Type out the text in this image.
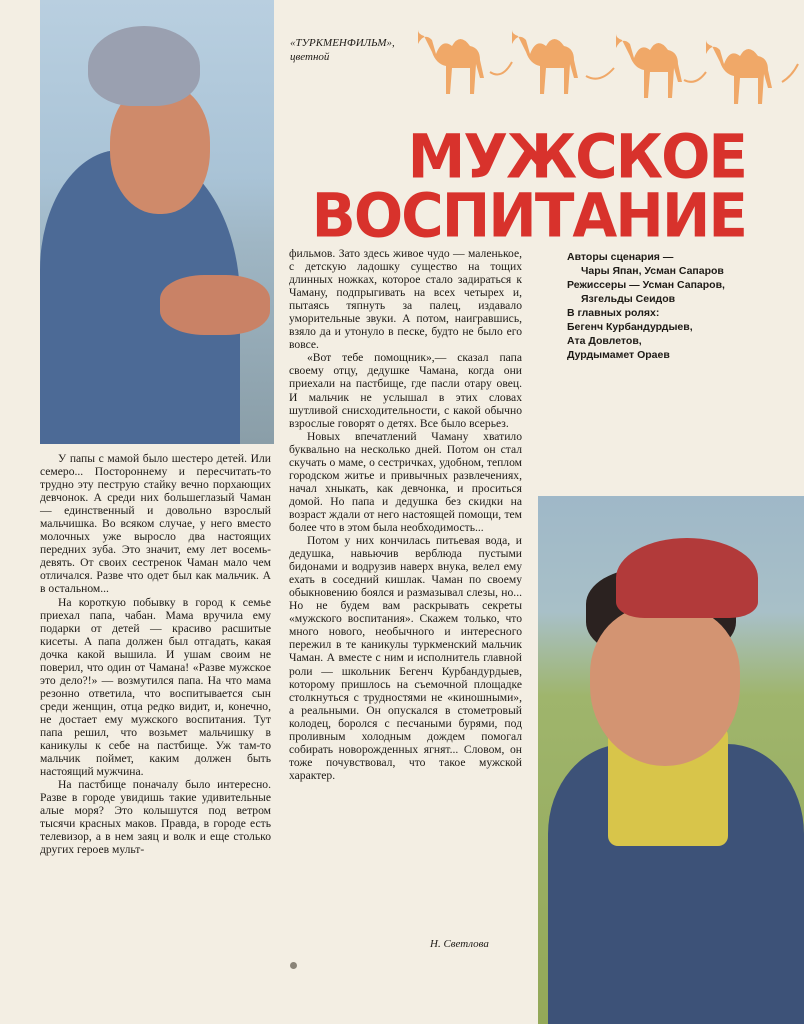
«ТУРКМЕНФИЛЬМ»,
цветной
МУЖСКОЕ
ВОСПИТАНИЕ

Авторы сценария —

Чары Япан, Усман Сапаров

Режиссеры — Усман Сапаров,

Язгельды Сеидов

В главных ролях:

Бегенч Курбандурдыев,

Ата Довлетов,

Дурдымамет Ораев

У папы с мамой было шестеро детей. Или семеро... Постороннему и пересчитать-то трудно эту пеструю стайку вечно порхающих девчонок. А среди них большеглазый Чаман — единственный и довольно взрослый мальчишка. Во всяком случае, у него вместо молочных уже выросло два настоящих передних зуба. Это значит, ему лет восемь-девять. От своих сестренок Чаман мало чем отличался. Разве что одет был как мальчик. А в остальном...

На короткую побывку в город к семье приехал папа, чабан. Мама вручила ему подарки от детей — красиво расшитые кисеты. А папа должен был отгадать, какая дочка какой вышила. И ушам своим не поверил, что один от Чамана! «Разве мужское это дело?!» — возмутился папа. На что мама резонно ответила, что воспитывается сын среди женщин, отца редко видит, и, конечно, не достает ему мужского воспитания. Тут папа решил, что возьмет мальчишку в каникулы к себе на пастбище. Уж там-то мальчик поймет, каким должен быть настоящий мужчина.

На пастбище поначалу было интересно. Разве в городе увидишь такие удивительные алые моря? Это колышутся под ветром тысячи красных маков. Правда, в городе есть телевизор, а в нем заяц и волк и еще столько других героев мульт-

фильмов. Зато здесь живое чудо — маленькое, с детскую ладошку существо на тощих длинных ножках, которое стало задираться к Чаману, подпрыгивать на всех четырех и, пытаясь тяпнуть за палец, издавало уморительные звуки. А потом, наигравшись, взяло да и утонуло в песке, будто не было его вовсе.

«Вот тебе помощник»,— сказал папа своему отцу, дедушке Чамана, когда они приехали на пастбище, где пасли отару овец. И мальчик не услышал в этих словах шутливой снисходительности, с какой обычно взрослые говорят о детях. Все было всерьез.

Новых впечатлений Чаману хватило буквально на несколько дней. Потом он стал скучать о маме, о сестричках, удобном, теплом городском житье и привычных развлечениях, начал хныкать, как девчонка, и проситься домой. Но папа и дедушка без скидки на возраст ждали от него настоящей помощи, тем более что в этом была необходимость...

Потом у них кончилась питьевая вода, и дедушка, навьючив верблюда пустыми бидонами и водрузив наверх внука, велел ему ехать в соседний кишлак. Чаман по своему обыкновению боялся и размазывал слезы, но... Но не будем вам раскрывать секреты «мужского воспитания». Скажем только, что много нового, необычного и интересного пережил в те каникулы туркменский мальчик Чаман. А вместе с ним и исполнитель главной роли — школьник Бегенч Курбандурдыев, которому пришлось на съемочной площадке столкнуться с трудностями не «киношными», а реальными. Он опускался в стометровый колодец, боролся с песчаными бурями, под проливным холодным дождем помогал собирать новорожденных ягнят... Словом, он тоже почувствовал, что такое мужской характер.

Н. Светлова
